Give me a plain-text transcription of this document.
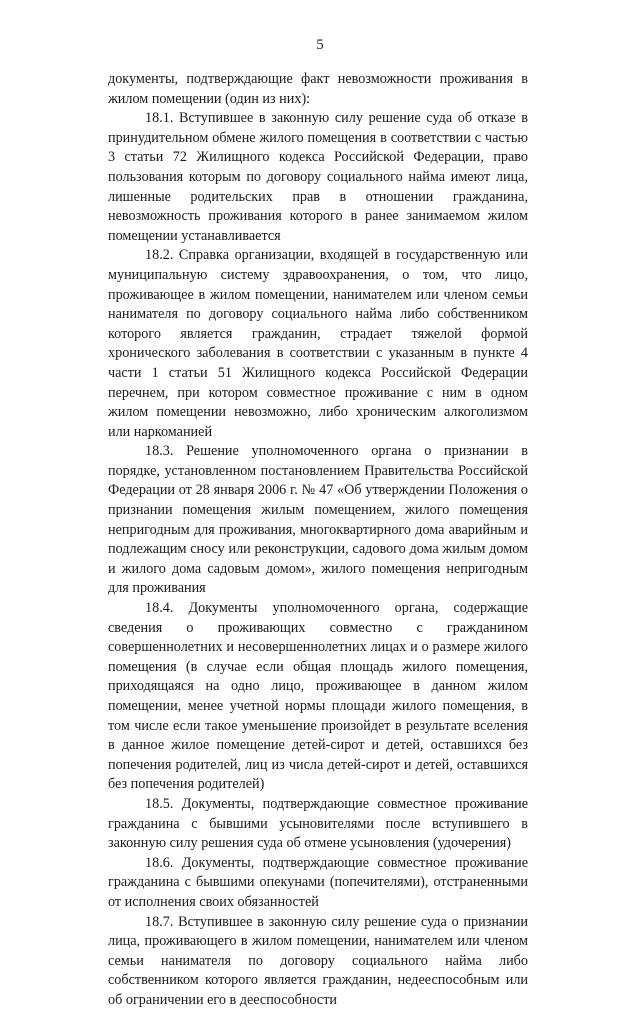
5

документы, подтверждающие факт невозможности проживания в жилом помещении (один из них):

18.1. Вступившее в законную силу решение суда об отказе в принудительном обмене жилого помещения в соответствии с частью 3 статьи 72 Жилищного кодекса Российской Федерации, право пользования которым по договору социального найма имеют лица, лишенные родительских прав в отношении гражданина, невозможность проживания которого в ранее занимаемом жилом помещении устанавливается

18.2. Справка организации, входящей в государственную или муниципальную систему здравоохранения, о том, что лицо, проживающее в жилом помещении, нанимателем или членом семьи нанимателя по договору социального найма либо собственником которого является гражданин, страдает тяжелой формой хронического заболевания в соответствии с указанным в пункте 4 части 1 статьи 51 Жилищного кодекса Российской Федерации перечнем, при котором совместное проживание с ним в одном жилом помещении невозможно, либо хроническим алкоголизмом или наркоманией

18.3. Решение уполномоченного органа о признании в порядке, установленном постановлением Правительства Российской Федерации от 28 января 2006 г. № 47 «Об утверждении Положения о признании помещения жилым помещением, жилого помещения непригодным для проживания, многоквартирного дома аварийным и подлежащим сносу или реконструкции, садового дома жилым домом и жилого дома садовым домом», жилого помещения непригодным для проживания

18.4. Документы уполномоченного органа, содержащие сведения о проживающих совместно с гражданином совершеннолетних и несовершеннолетних лицах и о размере жилого помещения (в случае если общая площадь жилого помещения, приходящаяся на одно лицо, проживающее в данном жилом помещении, менее учетной нормы площади жилого помещения, в том числе если такое уменьшение произойдет в результате вселения в данное жилое помещение детей-сирот и детей, оставшихся без попечения родителей, лиц из числа детей-сирот и детей, оставшихся без попечения родителей)

18.5. Документы, подтверждающие совместное проживание гражданина с бывшими усыновителями после вступившего в законную силу решения суда об отмене усыновления (удочерения)

18.6. Документы, подтверждающие совместное проживание гражданина с бывшими опекунами (попечителями), отстраненными от исполнения своих обязанностей

18.7. Вступившее в законную силу решение суда о признании лица, проживающего в жилом помещении, нанимателем или членом семьи нанимателя по договору социального найма либо собственником которого является гражданин, недееспособным или об ограничении его в дееспособности
